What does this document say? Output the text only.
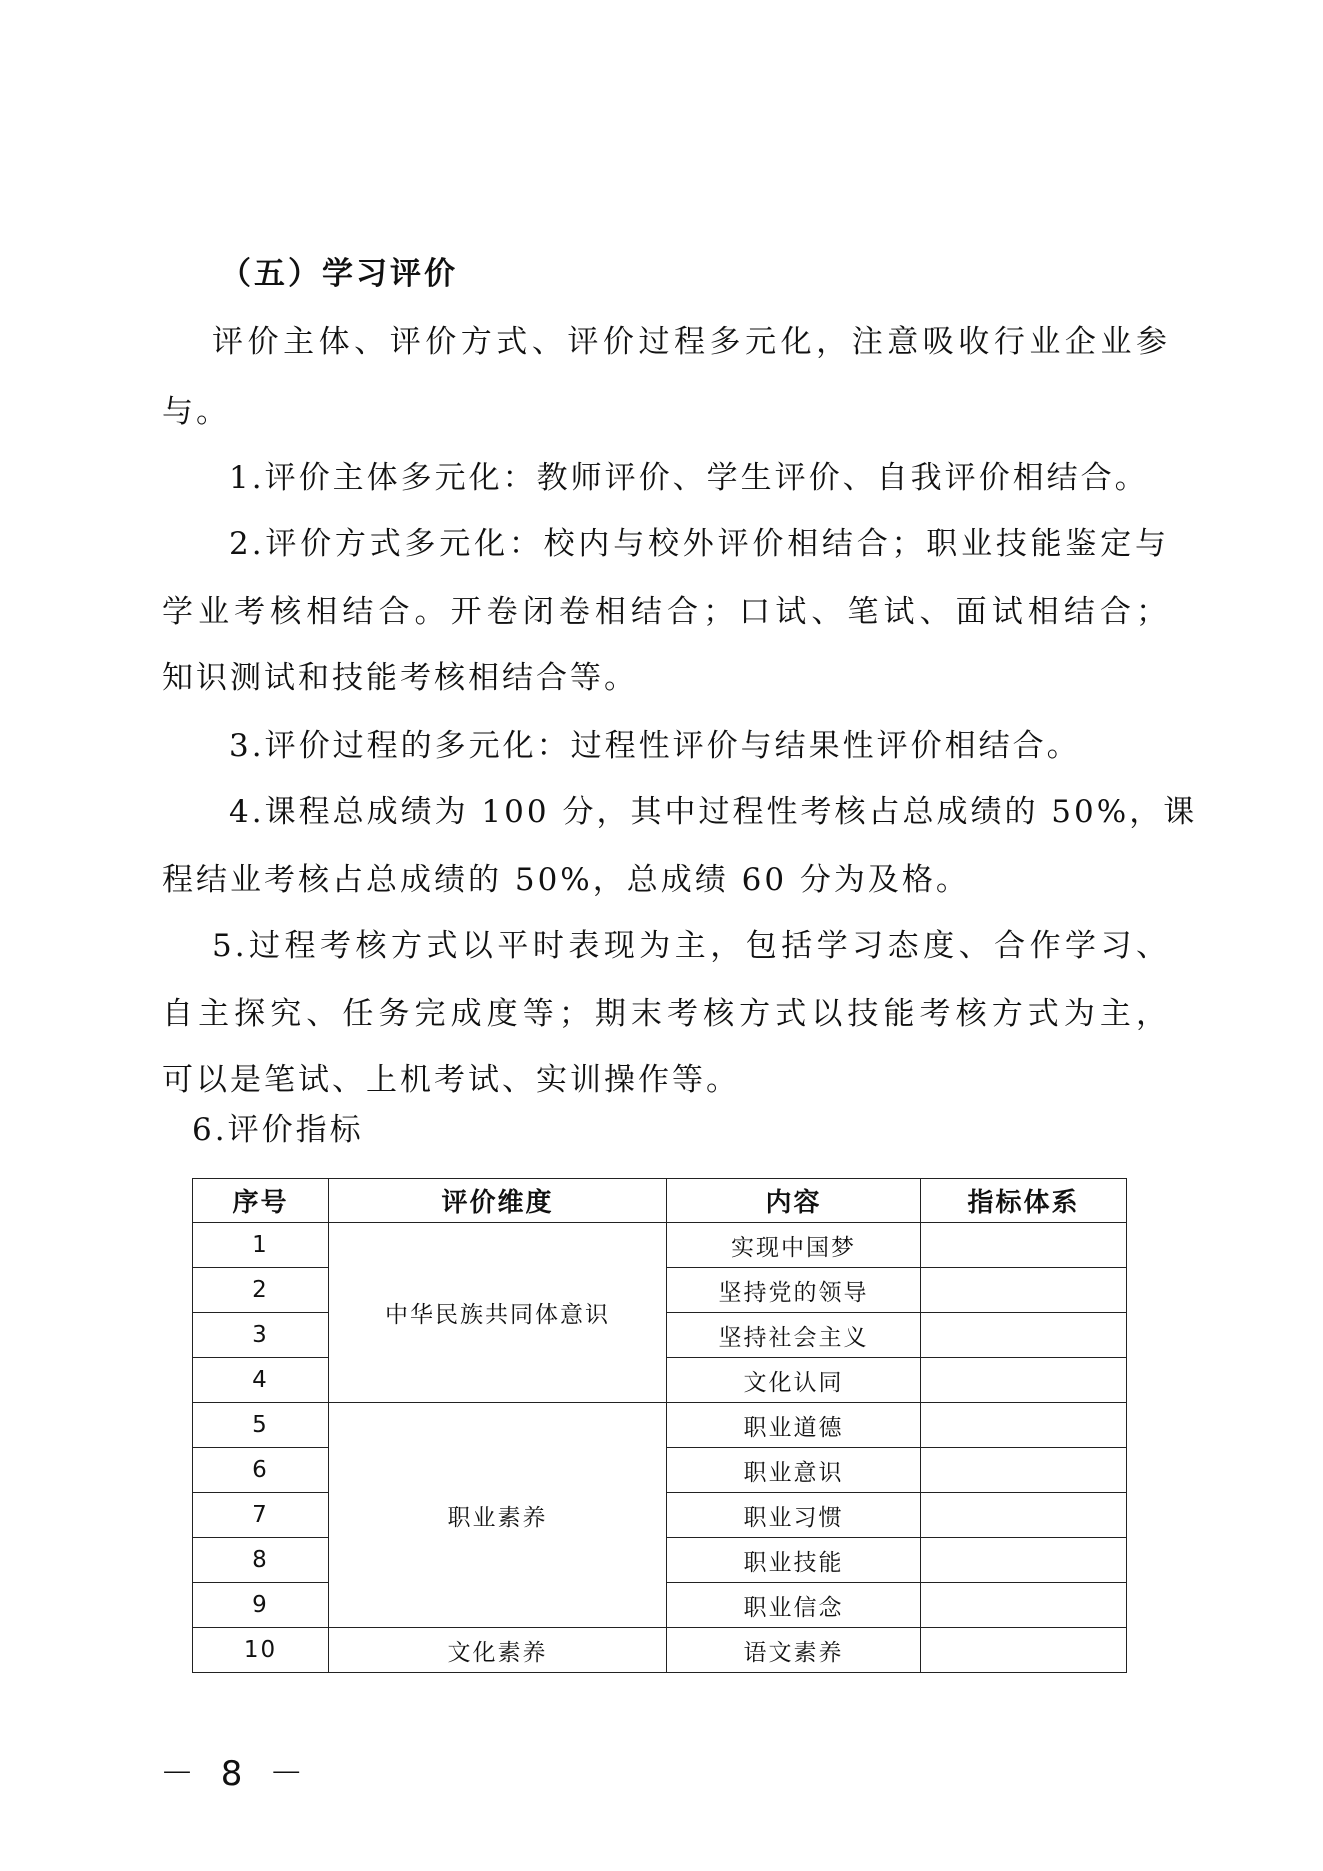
（五）学习评价
评价主体、评价方式、评价过程多元化，注意吸收行业企业参
与。
1.评价主体多元化：教师评价、学生评价、自我评价相结合。
2.评价方式多元化：校内与校外评价相结合；职业技能鉴定与
学业考核相结合。开卷闭卷相结合；口试、笔试、面试相结合；
知识测试和技能考核相结合等。
3.评价过程的多元化：过程性评价与结果性评价相结合。
4.课程总成绩为 100 分，其中过程性考核占总成绩的 50%，课
程结业考核占总成绩的 50%，总成绩 60 分为及格。
5.过程考核方式以平时表现为主，包括学习态度、合作学习、
自主探究、任务完成度等；期末考核方式以技能考核方式为主，
可以是笔试、上机考试、实训操作等。
6.评价指标
序号	评价维度	内容	指标体系
1	中华民族共同体意识	实现中国梦	
2		坚持党的领导	
3		坚持社会主义	
4		文化认同	
5	职业素养	职业道德	
6		职业意识	
7		职业习惯	
8		职业技能	
9		职业信念	
10	文化素养	语文素养	
－ 8 －
